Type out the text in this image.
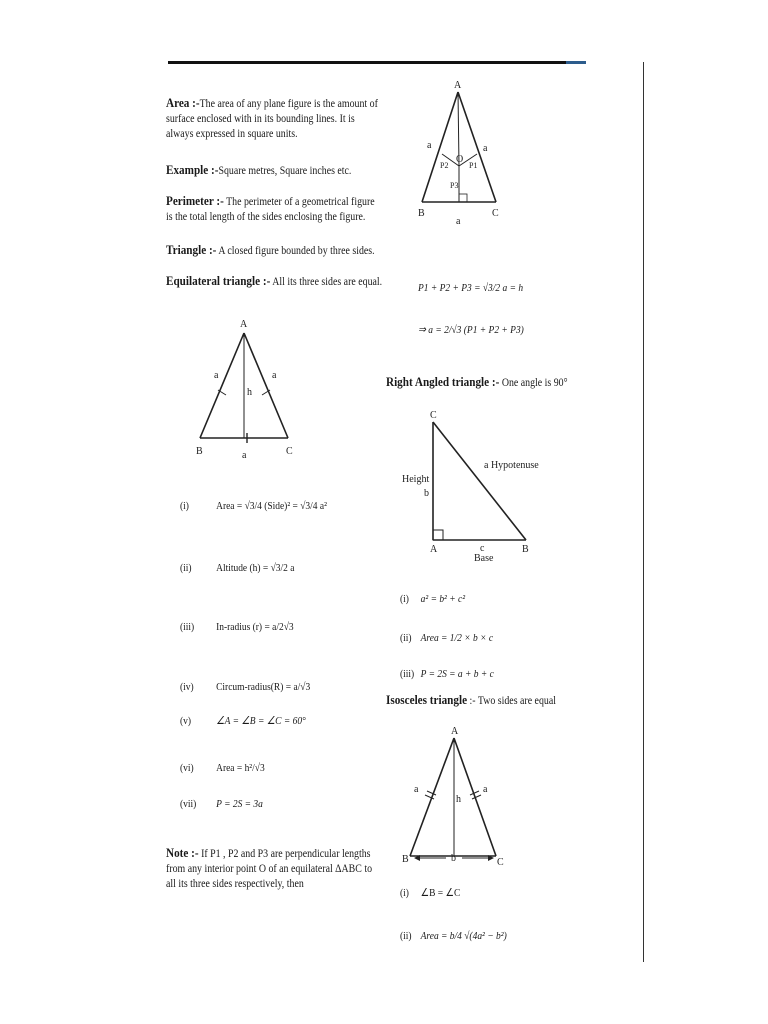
Area :-The area of any plane figure is the amount of surface enclosed with in its bounding lines. It is always expressed in square units.
Example :-Square metres, Square inches etc.
Perimeter :- The perimeter of a geometrical figure is the total length of the sides enclosing the figure.
Triangle :- A closed figure bounded by three sides.
Equilateral triangle :- All its three sides are equal.
A
B	C
a	a
a
h
(i) Area = √3/4 (Side)² = √3/4 a²
(ii) Altitude (h) = √3/2 a
(iii) In-radius (r) = a/2√3
(iv) Circum-radius(R) = a/√3
(v) ∠A = ∠B = ∠C = 60°
(vi) Area = h²/√3
(vii) P = 2S = 3a
Note :- If P1 , P2 and P3 are perpendicular lengths from any interior point O of an equilateral ΔABC to all its three sides respectively, then
A
B	C
O
a	a
a
P1
P2
P3
P1 + P2 + P3 = √3/2 a = h
⇒ a = 2/√3 (P1 + P2 + P3)
Right Angled triangle :- One angle is 90°
C
A	B
Height
b
a Hypotenuse
c
Base
(i) a² = b² + c²
(ii) Area = 1/2 × b × c
(iii) P = 2S = a + b + c
Isosceles triangle :- Two sides are equal
A
B	C
a	a
b
h
(i) ∠B = ∠C
(ii) Area = b/4 √(4a² − b²)
